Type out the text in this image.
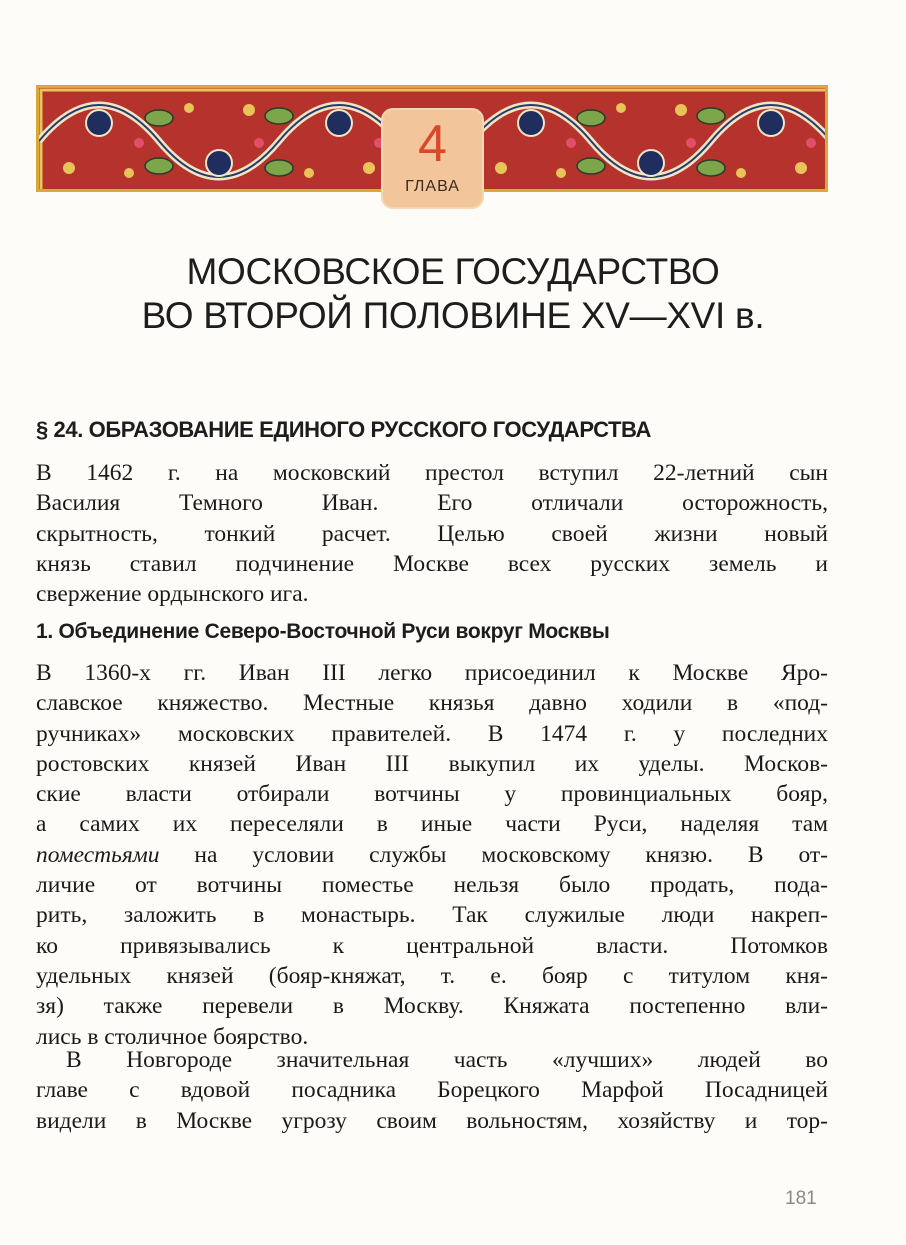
4
ГЛАВА
МОСКОВСКОЕ ГОСУДАРСТВО
ВО ВТОРОЙ ПОЛОВИНЕ XV—XVI в.
§ 24. ОБРАЗОВАНИЕ ЕДИНОГО РУССКОГО ГОСУДАРСТВА
В 1462 г. на московский престол вступил 22-летний сын
Василия Темного Иван. Его отличали осторожность,
скрытность, тонкий расчет. Целью своей жизни новый
князь ставил подчинение Москве всех русских земель и
свержение ордынского ига.
1. Объединение Северо-Восточной Руси вокруг Москвы
В 1360-х гг. Иван III легко присоединил к Москве Яро-
славское княжество. Местные князья давно ходили в «под-
ручниках» московских правителей. В 1474 г. у последних
ростовских князей Иван III выкупил их уделы. Москов-
ские власти отбирали вотчины у провинциальных бояр,
а самих их переселяли в иные части Руси, наделяя там
поместьями на условии службы московскому князю. В от-
личие от вотчины поместье нельзя было продать, пода-
рить, заложить в монастырь. Так служилые люди накреп-
ко привязывались к центральной власти. Потомков
удельных князей (бояр-княжат, т. е. бояр с титулом кня-
зя) также перевели в Москву. Княжата постепенно вли-
лись в столичное боярство.
В Новгороде значительная часть «лучших» людей во
главе с вдовой посадника Борецкого Марфой Посадницей
видели в Москве угрозу своим вольностям, хозяйству и тор-
181
